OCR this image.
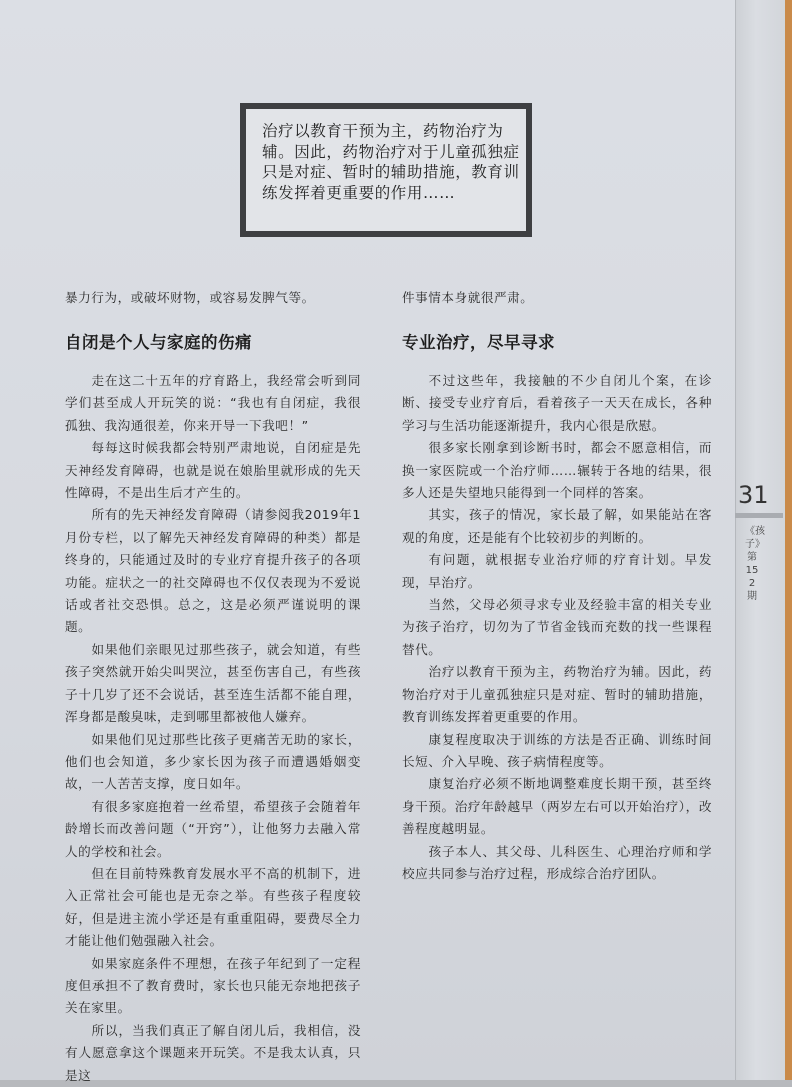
治疗以教育干预为主，药物治疗为辅。因此，药物治疗对于儿童孤独症只是对症、暂时的辅助措施，教育训练发挥着更重要的作用……

暴力行为，或破坏财物，或容易发脾气等。

自闭是个人与家庭的伤痛

走在这二十五年的疗育路上，我经常会听到同学们甚至成人开玩笑的说：“我也有自闭症，我很孤独、我沟通很差，你来开导一下我吧！”

每每这时候我都会特别严肃地说，自闭症是先天神经发育障碍，也就是说在娘胎里就形成的先天性障碍，不是出生后才产生的。

所有的先天神经发育障碍（请参阅我2019年1月份专栏，以了解先天神经发育障碍的种类）都是终身的，只能通过及时的专业疗育提升孩子的各项功能。症状之一的社交障碍也不仅仅表现为不爱说话或者社交恐惧。总之，这是必须严谨说明的课题。

如果他们亲眼见过那些孩子，就会知道，有些孩子突然就开始尖叫哭泣，甚至伤害自己，有些孩子十几岁了还不会说话，甚至连生活都不能自理，浑身都是酸臭味，走到哪里都被他人嫌弃。

如果他们见过那些比孩子更痛苦无助的家长，他们也会知道，多少家长因为孩子而遭遇婚姻变故，一人苦苦支撑，度日如年。

有很多家庭抱着一丝希望，希望孩子会随着年龄增长而改善问题（“开窍”），让他努力去融入常人的学校和社会。

但在目前特殊教育发展水平不高的机制下，进入正常社会可能也是无奈之举。有些孩子程度较好，但是进主流小学还是有重重阻碍，要费尽全力才能让他们勉强融入社会。

如果家庭条件不理想，在孩子年纪到了一定程度但承担不了教育费时，家长也只能无奈地把孩子关在家里。

所以，当我们真正了解自闭儿后，我相信，没有人愿意拿这个课题来开玩笑。不是我太认真，只是这

件事情本身就很严肃。

专业治疗，尽早寻求

不过这些年，我接触的不少自闭儿个案，在诊断、接受专业疗育后，看着孩子一天天在成长，各种学习与生活功能逐渐提升，我内心很是欣慰。

很多家长刚拿到诊断书时，都会不愿意相信，而换一家医院或一个治疗师……辗转于各地的结果，很多人还是失望地只能得到一个同样的答案。

其实，孩子的情况，家长最了解，如果能站在客观的角度，还是能有个比较初步的判断的。

有问题，就根据专业治疗师的疗育计划。早发现，早治疗。

当然，父母必须寻求专业及经验丰富的相关专业为孩子治疗，切勿为了节省金钱而充数的找一些课程替代。

治疗以教育干预为主，药物治疗为辅。因此，药物治疗对于儿童孤独症只是对症、暂时的辅助措施，教育训练发挥着更重要的作用。

康复程度取决于训练的方法是否正确、训练时间长短、介入早晚、孩子病情程度等。

康复治疗必须不断地调整难度长期干预，甚至终身干预。治疗年龄越早（两岁左右可以开始治疗），改善程度越明显。

孩子本人、其父母、儿科医生、心理治疗师和学校应共同参与治疗过程，形成综合治疗团队。

31
《孩子》第152期
